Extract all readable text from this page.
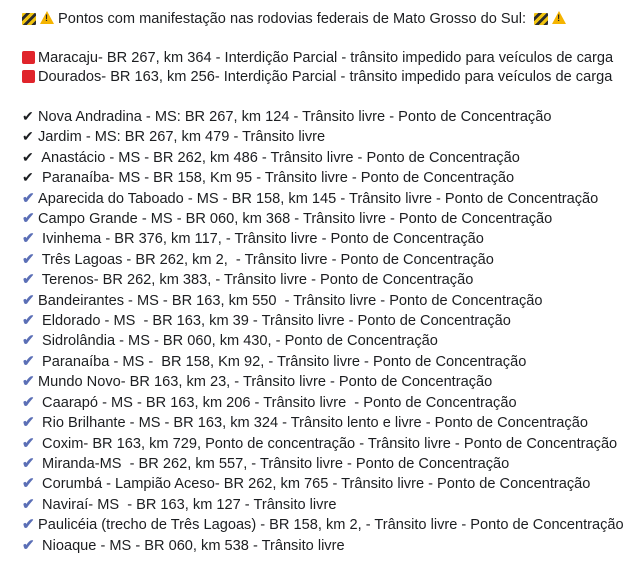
!Pontos com manifestação nas rodovias federais de Mato Grosso do Sul: !
Maracaju- BR 267, km 364 - Interdição Parcial - trânsito impedido para veículos de carga
Dourados- BR 163, km 256- Interdição Parcial - trânsito impedido para veículos de carga
✔ Nova Andradina - MS: BR 267, km 124 - Trânsito livre - Ponto de Concentração
✔ Jardim - MS: BR 267, km 479 - Trânsito livre
✔ Anastácio - MS - BR 262, km 486 - Trânsito livre - Ponto de Concentração
✔ Paranaíba- MS - BR 158, Km 95 - Trânsito livre - Ponto de Concentração
✔ Aparecida do Taboado - MS - BR 158, km 145 - Trânsito livre - Ponto de Concentração
✔ Campo Grande - MS - BR 060, km 368 - Trânsito livre - Ponto de Concentração
✔ Ivinhema - BR 376, km 117, - Trânsito livre - Ponto de Concentração
✔ Três Lagoas - BR 262, km 2,  - Trânsito livre - Ponto de Concentração
✔ Terenos- BR 262, km 383, - Trânsito livre - Ponto de Concentração
✔ Bandeirantes - MS - BR 163, km 550  - Trânsito livre - Ponto de Concentração
✔ Eldorado - MS  - BR 163, km 39 - Trânsito livre - Ponto de Concentração
✔ Sidrolândia - MS - BR 060, km 430, - Ponto de Concentração
✔ Paranaíba - MS -  BR 158, Km 92, - Trânsito livre - Ponto de Concentração
✔ Mundo Novo- BR 163, km 23, - Trânsito livre - Ponto de Concentração
✔ Caarapó - MS - BR 163, km 206 - Trânsito livre  - Ponto de Concentração
✔ Rio Brilhante - MS - BR 163, km 324 - Trânsito lento e livre - Ponto de Concentração
✔ Coxim- BR 163, km 729, Ponto de concentração - Trânsito livre - Ponto de Concentração
✔ Miranda-MS  - BR 262, km 557, - Trânsito livre - Ponto de Concentração
✔ Corumbá - Lampião Aceso- BR 262, km 765 - Trânsito livre - Ponto de Concentração
✔ Naviraí- MS  - BR 163, km 127 - Trânsito livre
✔ Paulicéia (trecho de Três Lagoas) - BR 158, km 2, - Trânsito livre - Ponto de Concentração
✔ Nioaque - MS - BR 060, km 538 - Trânsito livre
